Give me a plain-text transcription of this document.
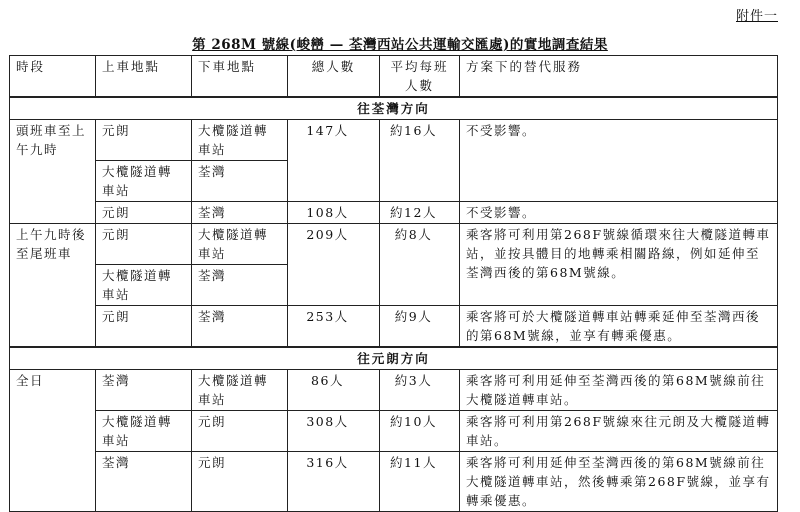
附件一
第 268M 號線(峻巒 — 荃灣西站公共運輸交匯處)的實地調查結果
時段	上車地點	下車地點	總人數	平均每班人數	方案下的替代服務
往荃灣方向					
頭班車至上午九時	元朗	大欖隧道轉車站	147人	約16人	不受影響。
	大欖隧道轉車站	荃灣			
	元朗	荃灣	108人	約12人	不受影響。
上午九時後至尾班車	元朗	大欖隧道轉車站	209人	約8人	乘客將可利用第268F號線循環來往大欖隧道轉車站，並按具體目的地轉乘相關路線，例如延伸至荃灣西後的第68M號線。
	大欖隧道轉車站	荃灣			
	元朗	荃灣	253人	約9人	乘客將可於大欖隧道轉車站轉乘延伸至荃灣西後的第68M號線，並享有轉乘優惠。
往元朗方向					
全日	荃灣	大欖隧道轉車站	86人	約3人	乘客將可利用延伸至荃灣西後的第68M號線前往大欖隧道轉車站。
	大欖隧道轉車站	元朗	308人	約10人	乘客將可利用第268F號線來往元朗及大欖隧道轉車站。
	荃灣	元朗	316人	約11人	乘客將可利用延伸至荃灣西後的第68M號線前往大欖隧道轉車站，然後轉乘第268F號線，並享有轉乘優惠。
